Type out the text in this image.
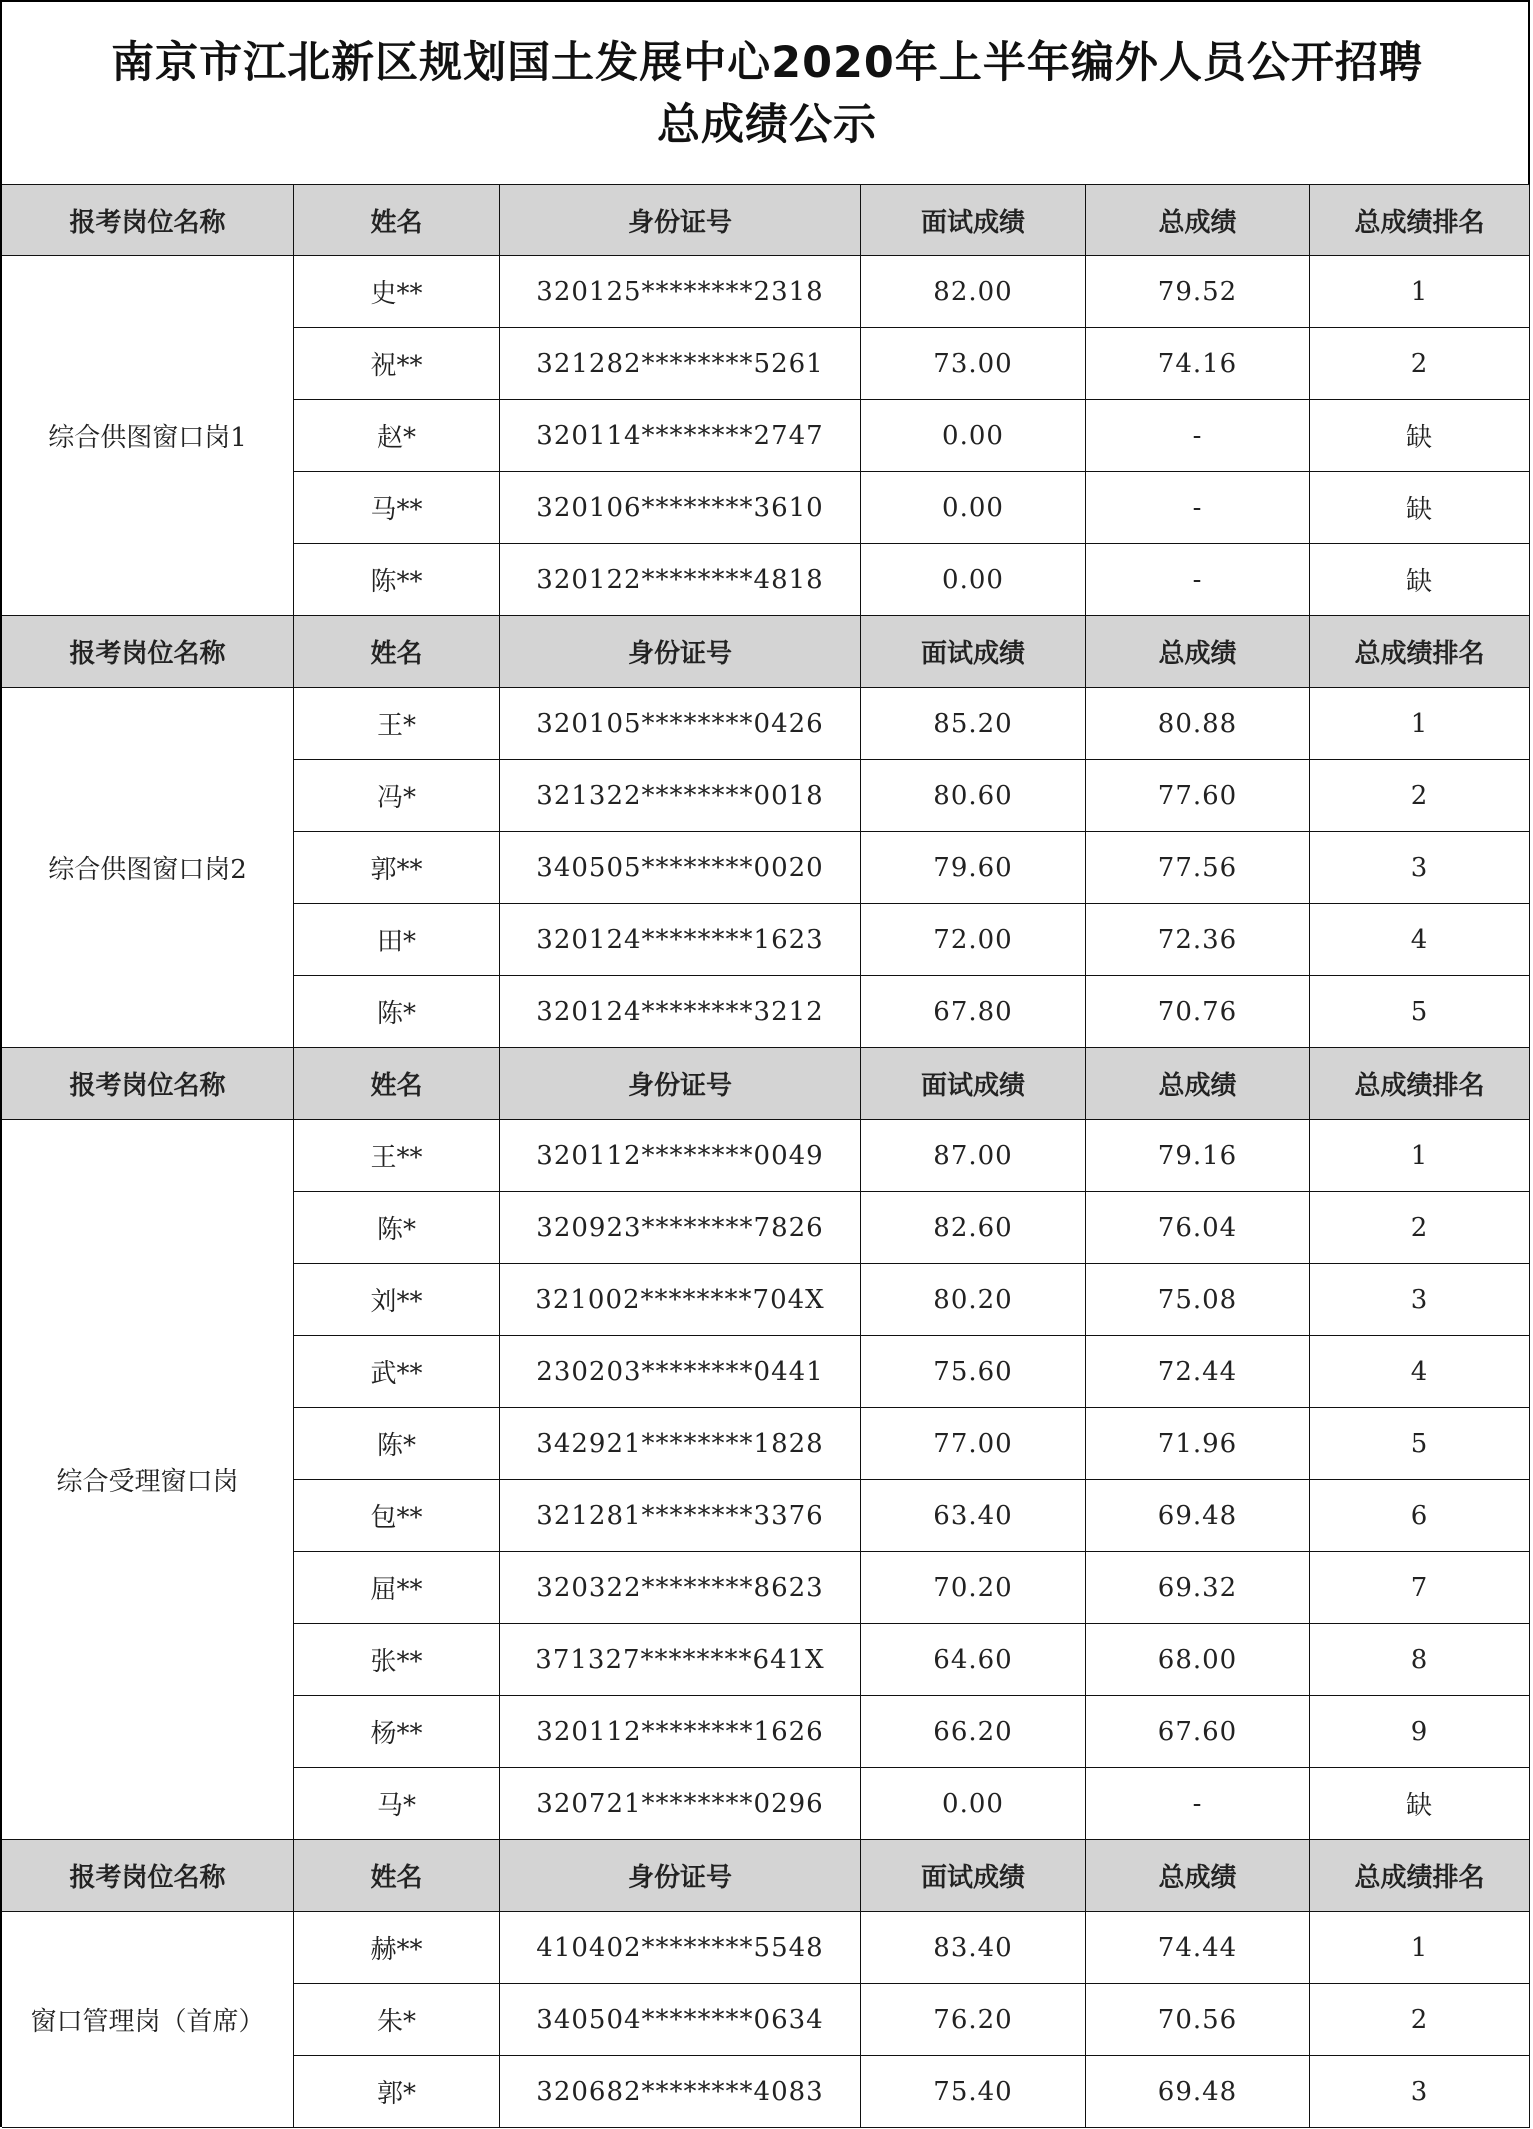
南京市江北新区规划国土发展中心2020年上半年编外人员公开招聘
总成绩公示
报考岗位名称	姓名	身份证号	面试成绩	总成绩	总成绩排名
综合供图窗口岗1
史**	320125********2318	82.00	79.52	1
祝**	321282********5261	73.00	74.16	2
赵*	320114********2747	0.00	-	缺
马**	320106********3610	0.00	-	缺
陈**	320122********4818	0.00	-	缺
报考岗位名称	姓名	身份证号	面试成绩	总成绩	总成绩排名
综合供图窗口岗2
王*	320105********0426	85.20	80.88	1
冯*	321322********0018	80.60	77.60	2
郭**	340505********0020	79.60	77.56	3
田*	320124********1623	72.00	72.36	4
陈*	320124********3212	67.80	70.76	5
报考岗位名称	姓名	身份证号	面试成绩	总成绩	总成绩排名
综合受理窗口岗
王**	320112********0049	87.00	79.16	1
陈*	320923********7826	82.60	76.04	2
刘**	321002********704X	80.20	75.08	3
武**	230203********0441	75.60	72.44	4
陈*	342921********1828	77.00	71.96	5
包**	321281********3376	63.40	69.48	6
屈**	320322********8623	70.20	69.32	7
张**	371327********641X	64.60	68.00	8
杨**	320112********1626	66.20	67.60	9
马*	320721********0296	0.00	-	缺
报考岗位名称	姓名	身份证号	面试成绩	总成绩	总成绩排名
窗口管理岗（首席）
赫**	410402********5548	83.40	74.44	1
朱*	340504********0634	76.20	70.56	2
郭*	320682********4083	75.40	69.48	3
